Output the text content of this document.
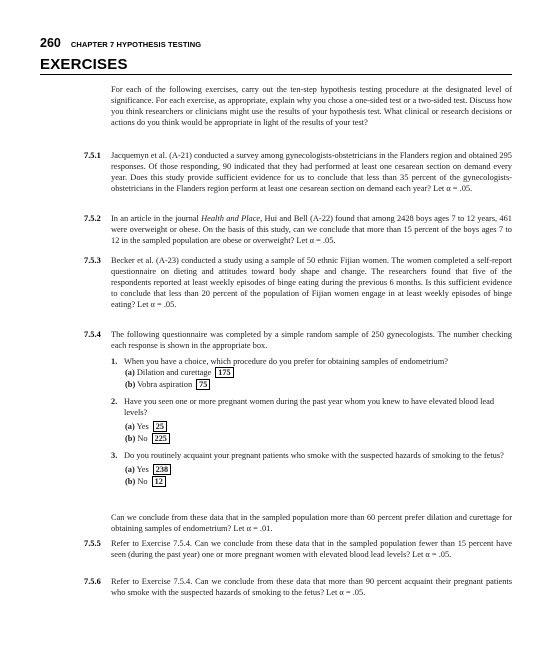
260 CHAPTER 7 HYPOTHESIS TESTING
EXERCISES

For each of the following exercises, carry out the ten-step hypothesis testing procedure at the designated level of significance. For each exercise, as appropriate, explain why you chose a one-sided test or a two-sided test. Discuss how you think researchers or clinicians might use the results of your hypothesis test. What clinical or research decisions or actions do you think would be appropriate in light of the results of your test?

7.5.1 Jacquemyn et al. (A-21) conducted a survey among gynecologists-obstetricians in the Flanders region and obtained 295 responses. Of those responding, 90 indicated that they had performed at least one cesarean section on demand every year. Does this study provide sufficient evidence for us to conclude that less than 35 percent of the gynecologists-obstetricians in the Flanders region perform at least one cesarean section on demand each year? Let α = .05.
7.5.2 In an article in the journal Health and Place, Hui and Bell (A-22) found that among 2428 boys ages 7 to 12 years, 461 were overweight or obese. On the basis of this study, can we conclude that more than 15 percent of the boys ages 7 to 12 in the sampled population are obese or overweight? Let α = .05.
7.5.3 Becker et al. (A-23) conducted a study using a sample of 50 ethnic Fijian women. The women completed a self-report questionnaire on dieting and attitudes toward body shape and change. The researchers found that five of the respondents reported at least weekly episodes of binge eating during the previous 6 months. Is this sufficient evidence to conclude that less than 20 percent of the population of Fijian women engage in at least weekly episodes of binge eating? Let α = .05.
7.5.4 The following questionnaire was completed by a simple random sample of 250 gynecologists. The number checking each response is shown in the appropriate box.
1. When you have a choice, which procedure do you prefer for obtaining samples of endometrium?
(a) Dilation and curettage 175
(b) Vobra aspiration 75
2. Have you seen one or more pregnant women during the past year whom you knew to have elevated blood lead levels?
(a) Yes 25
(b) No 225
3. Do you routinely acquaint your pregnant patients who smoke with the suspected hazards of smoking to the fetus?
(a) Yes 238
(b) No 12
Can we conclude from these data that in the sampled population more than 60 percent prefer dilation and curettage for obtaining samples of endometrium? Let α = .01.
7.5.5 Refer to Exercise 7.5.4. Can we conclude from these data that in the sampled population fewer than 15 percent have seen (during the past year) one or more pregnant women with elevated blood lead levels? Let α = .05.
7.5.6 Refer to Exercise 7.5.4. Can we conclude from these data that more than 90 percent acquaint their pregnant patients who smoke with the suspected hazards of smoking to the fetus? Let α = .05.
